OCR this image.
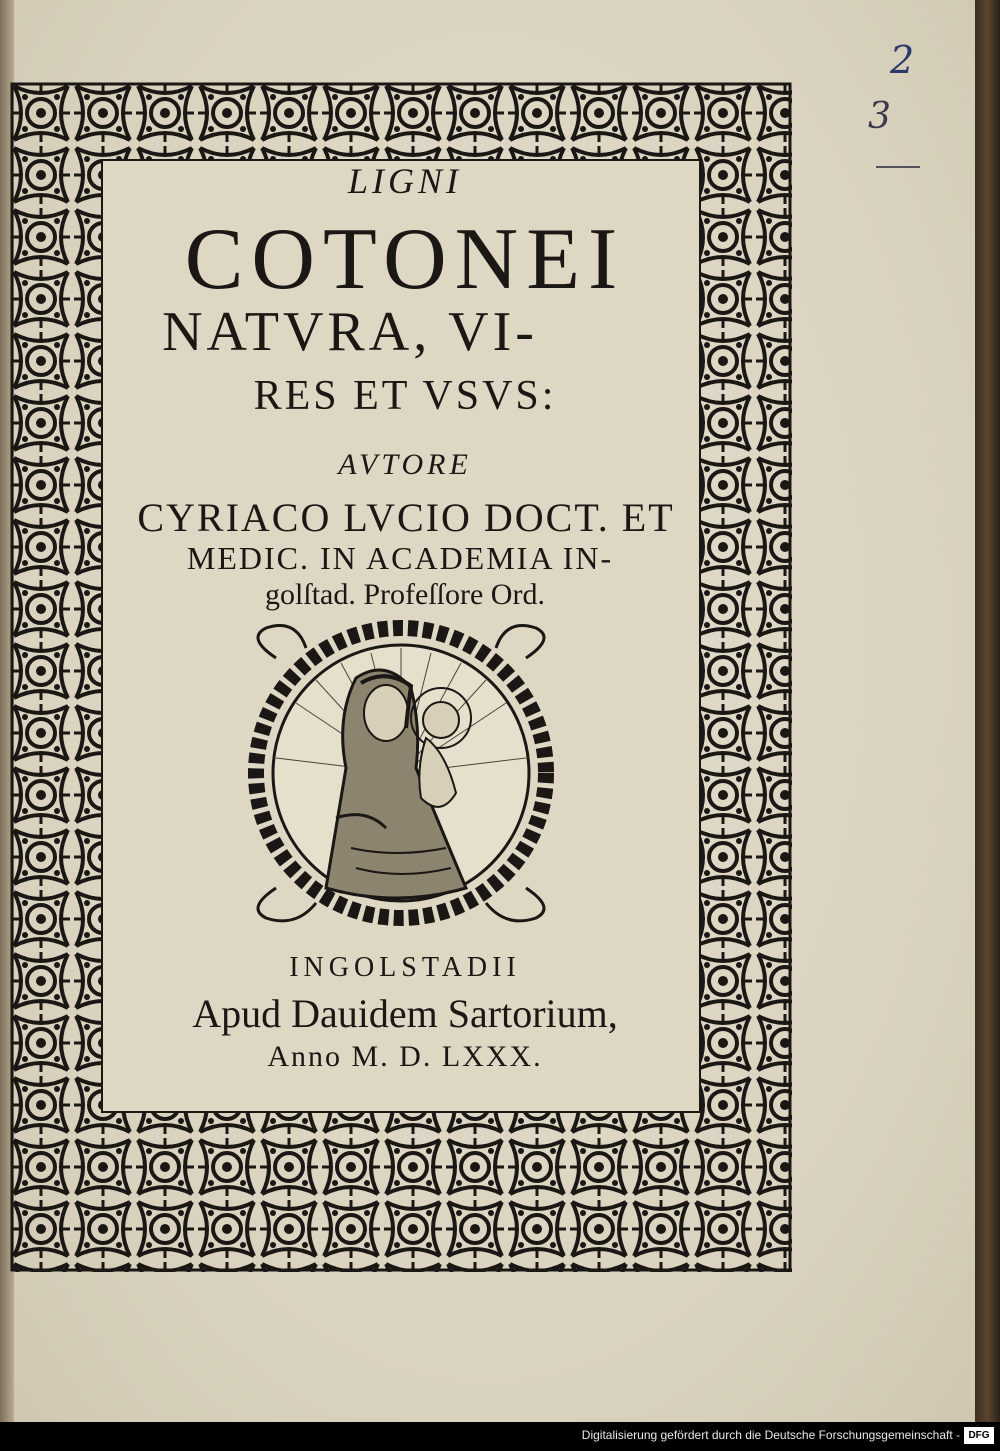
2
3
LIGNI
COTONEI
NATVRA, VI-
RES ET VSVS:
AVTORE
CYRIACO LVCIO DOCT. ET
MEDIC. IN ACADEMIA IN-
golſtad. Profeſſore Ord.
INGOLSTADII
Apud Dauidem Sartorium,
Anno M. D. LXXX.
Digitalisierung gefördert durch die Deutsche Forschungsgemeinschaft - DFG
